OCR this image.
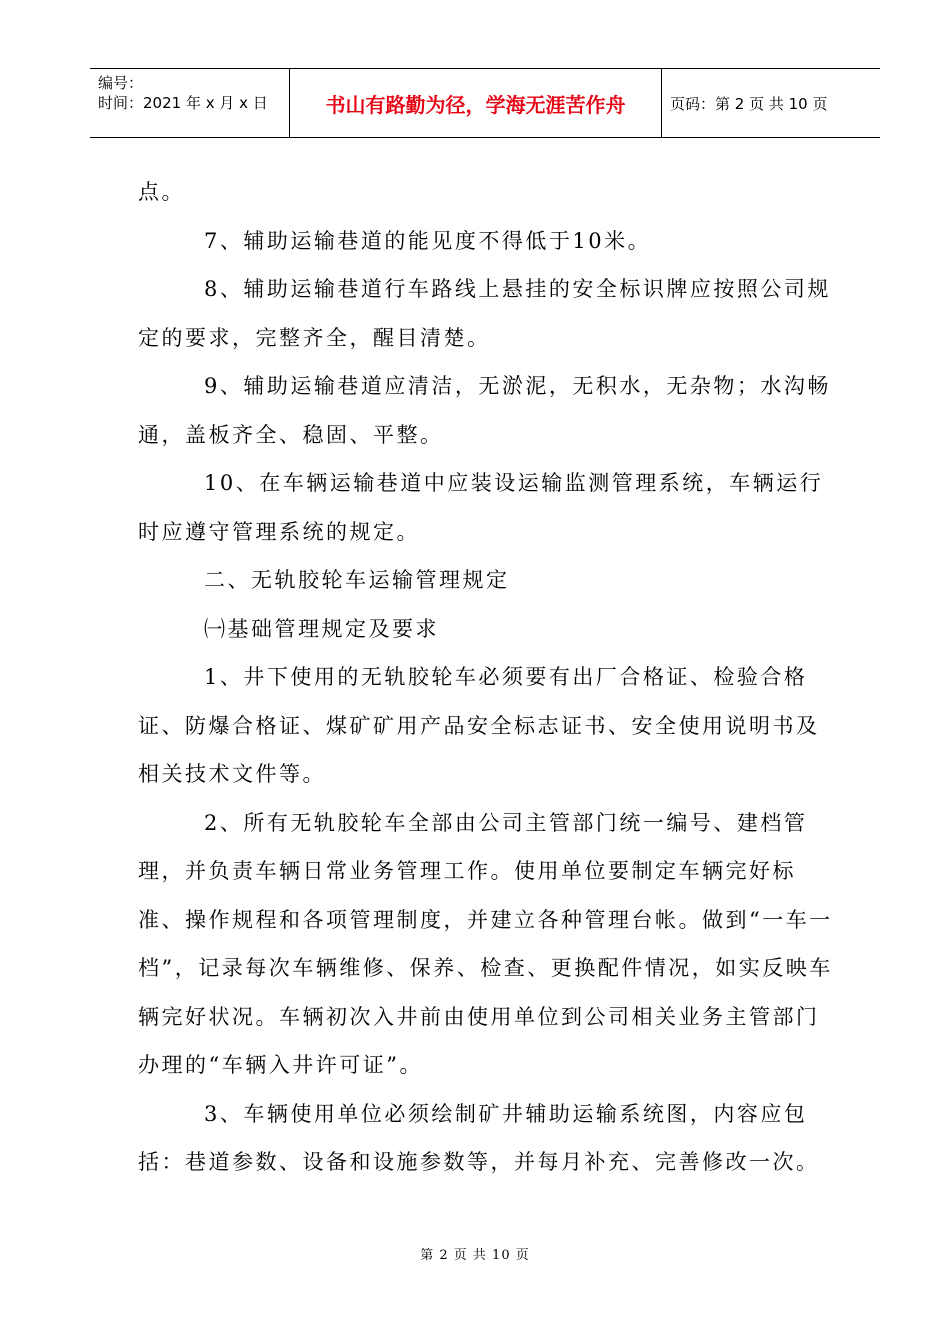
编号：
时间：2021 年 x 月 x 日	书山有路勤为径，学海无涯苦作舟	页码：第 2 页 共 10 页

点。

7、辅助运输巷道的能见度不得低于10米。

8、辅助运输巷道行车路线上悬挂的安全标识牌应按照公司规定的要求，完整齐全，醒目清楚。

9、辅助运输巷道应清洁，无淤泥，无积水，无杂物；水沟畅通，盖板齐全、稳固、平整。

10、在车辆运输巷道中应装设运输监测管理系统，车辆运行时应遵守管理系统的规定。

二、无轨胶轮车运输管理规定

㈠基础管理规定及要求

1、井下使用的无轨胶轮车必须要有出厂合格证、检验合格证、防爆合格证、煤矿矿用产品安全标志证书、安全使用说明书及相关技术文件等。

2、所有无轨胶轮车全部由公司主管部门统一编号、建档管理，并负责车辆日常业务管理工作。使用单位要制定车辆完好标准、操作规程和各项管理制度，并建立各种管理台帐。做到“一车一档”，记录每次车辆维修、保养、检查、更换配件情况，如实反映车辆完好状况。车辆初次入井前由使用单位到公司相关业务主管部门办理的“车辆入井许可证”。

3、车辆使用单位必须绘制矿井辅助运输系统图，内容应包括：巷道参数、设备和设施参数等，并每月补充、完善修改一次。

第 2 页 共 10 页
